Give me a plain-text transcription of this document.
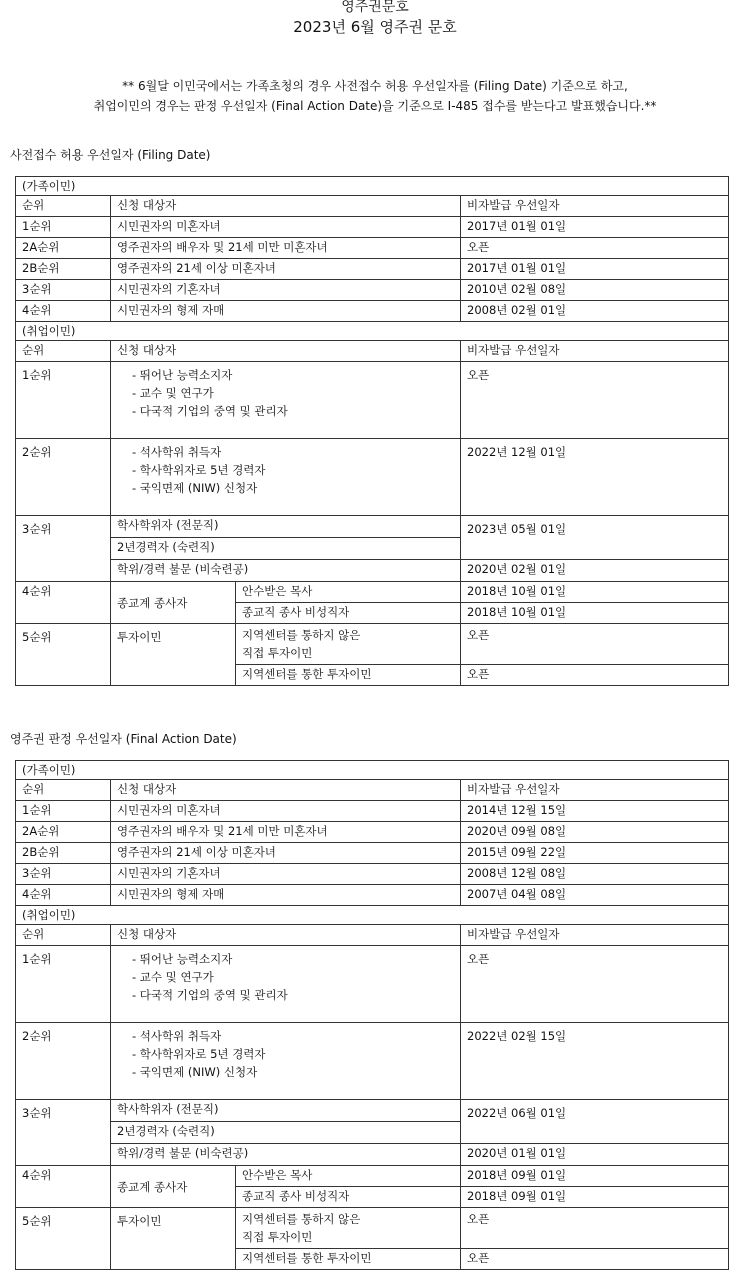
영주권문호
2023년 6월 영주권 문호
** 6월달 이민국에서는 가족초청의 경우 사전접수 허용 우선일자를 (Filing Date) 기준으로 하고,
취업이민의 경우는 판정 우선일자 (Final Action Date)을 기준으로 I-485 접수를 받는다고 발표했습니다.**
사전접수 허용 우선일자 (Filing Date)
(가족이민)			
순위	신청 대상자		비자발급 우선일자
1순위	시민권자의 미혼자녀		2017년 01월 01일
2A순위	영주권자의 배우자 및 21세 미만 미혼자녀		오픈
2B순위	영주권자의 21세 이상 미혼자녀		2017년 01월 01일
3순위	시민권자의 기혼자녀		2010년 02월 08일
4순위	시민권자의 형제 자매		2008년 02월 01일
(취업이민)			
순위	신청 대상자		비자발급 우선일자
1순위	- 뛰어난 능력소지자
- 교수 및 연구가
- 다국적 기업의 중역 및 관리자		오픈
2순위	- 석사학위 취득자
- 학사학위자로 5년 경력자
- 국익면제 (NIW) 신청자		2022년 12월 01일
3순위	학사학위자 (전문직)		2023년 05월 01일
	2년경력자 (숙련직)		
	학위/경력 불문 (비숙련공)		2020년 02월 01일
4순위	종교계 종사자	안수받은 목사	2018년 10월 01일
		종교직 종사 비성직자	2018년 10월 01일
5순위	투자이민	지역센터를 통하지 않은
직접 투자이민	오픈
		지역센터를 통한 투자이민	오픈
영주권 판정 우선일자 (Final Action Date)
(가족이민)			
순위	신청 대상자		비자발급 우선일자
1순위	시민권자의 미혼자녀		2014년 12월 15일
2A순위	영주권자의 배우자 및 21세 미만 미혼자녀		2020년 09월 08일
2B순위	영주권자의 21세 이상 미혼자녀		2015년 09월 22일
3순위	시민권자의 기혼자녀		2008년 12월 08일
4순위	시민권자의 형제 자매		2007년 04월 08일
(취업이민)			
순위	신청 대상자		비자발급 우선일자
1순위	- 뛰어난 능력소지자
- 교수 및 연구가
- 다국적 기업의 중역 및 관리자		오픈
2순위	- 석사학위 취득자
- 학사학위자로 5년 경력자
- 국익면제 (NIW) 신청자		2022년 02월 15일
3순위	학사학위자 (전문직)		2022년 06월 01일
	2년경력자 (숙련직)		
	학위/경력 불문 (비숙련공)		2020년 01월 01일
4순위	종교계 종사자	안수받은 목사	2018년 09월 01일
		종교직 종사 비성직자	2018년 09월 01일
5순위	투자이민	지역센터를 통하지 않은
직접 투자이민	오픈
		지역센터를 통한 투자이민	오픈
